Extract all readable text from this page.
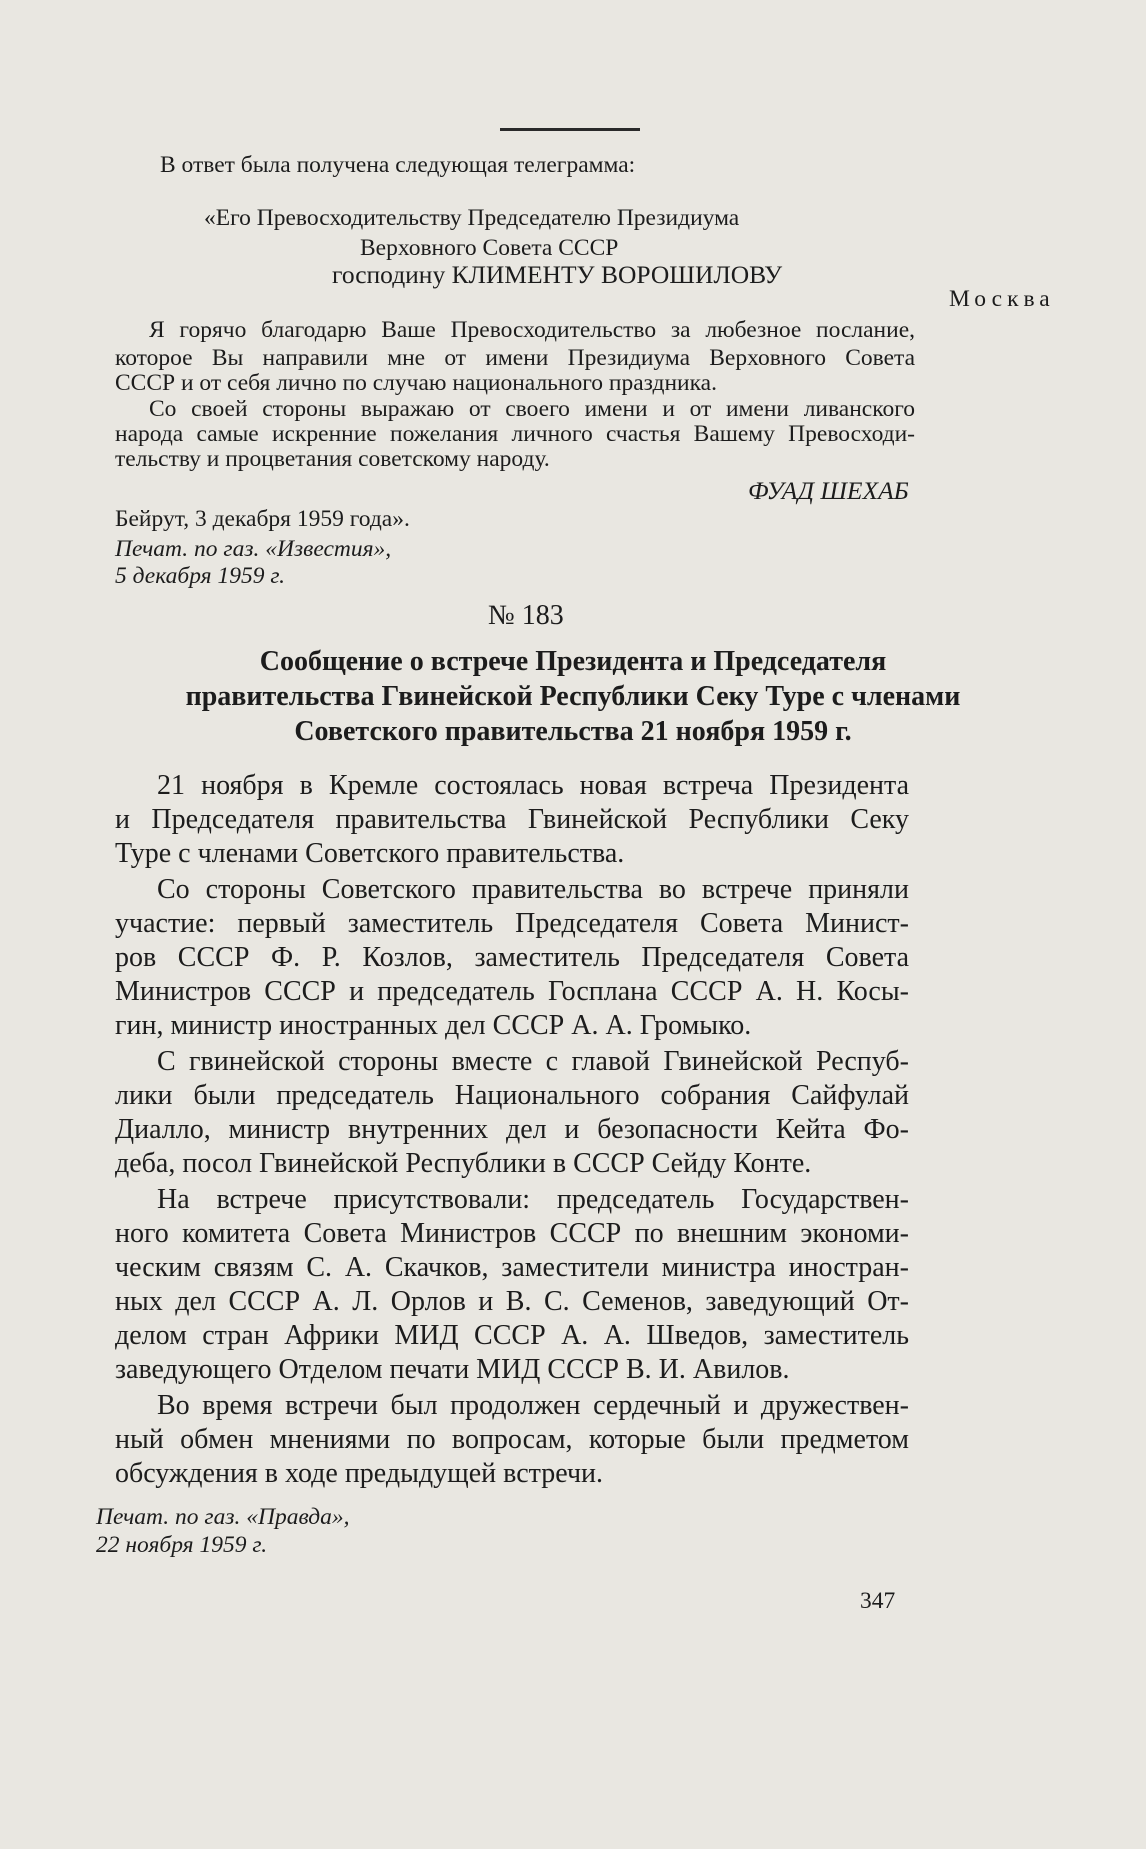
В ответ была получена следующая телеграмма:
«Его Превосходительству Председателю Президиума
Верховного Совета СССР
господину КЛИМЕНТУ ВОРОШИЛОВУ
Москва
Я горячо благодарю Ваше Превосходительство за любезное послание,
которое Вы направили мне от имени Президиума Верховного Совета
СССР и от себя лично по случаю национального праздника.
Со своей стороны выражаю от своего имени и от имени ливанского
народа самые искренние пожелания личного счастья Вашему Превосходи-
тельству и процветания советскому народу.
ФУАД ШЕХАБ
Бейрут, 3 декабря 1959 года».
Печат. по газ. «Известия»,
5 декабря 1959 г.
№ 183
Сообщение о встрече Президента и Председателя
правительства Гвинейской Республики Секу Туре с членами
Советского правительства 21 ноября 1959 г.
21 ноября в Кремле состоялась новая встреча Президента
и Председателя правительства Гвинейской Республики Секу
Туре с членами Советского правительства.
Со стороны Советского правительства во встрече приняли
участие: первый заместитель Председателя Совета Минист-
ров СССР Ф. Р. Козлов, заместитель Председателя Совета
Министров СССР и председатель Госплана СССР А. Н. Косы-
гин, министр иностранных дел СССР А. А. Громыко.
С гвинейской стороны вместе с главой Гвинейской Респуб-
лики были председатель Национального собрания Сайфулай
Диалло, министр внутренних дел и безопасности Кейта Фо-
деба, посол Гвинейской Республики в СССР Сейду Конте.
На встрече присутствовали: председатель Государствен-
ного комитета Совета Министров СССР по внешним экономи-
ческим связям С. А. Скачков, заместители министра иностран-
ных дел СССР А. Л. Орлов и В. С. Семенов, заведующий От-
делом стран Африки МИД СССР А. А. Шведов, заместитель
заведующего Отделом печати МИД СССР В. И. Авилов.
Во время встречи был продолжен сердечный и дружествен-
ный обмен мнениями по вопросам, которые были предметом
обсуждения в ходе предыдущей встречи.
Печат. по газ. «Правда»,
22 ноября 1959 г.
347
